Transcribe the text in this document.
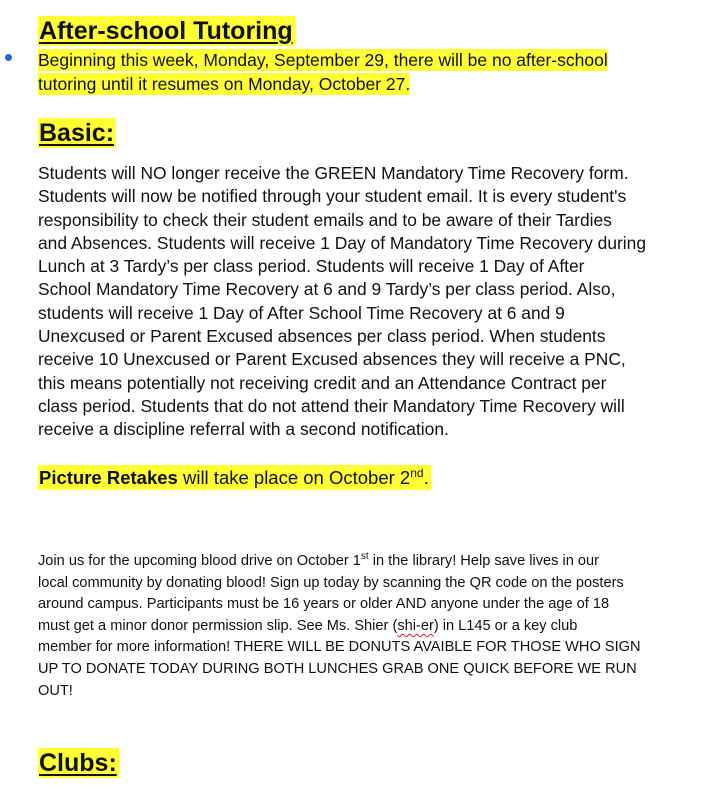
After-school Tutoring
Beginning this week, Monday, September 29, there will be no after-school
tutoring until it resumes on Monday, October 27.
Basic:
Students will NO longer receive the GREEN Mandatory Time Recovery form.
Students will now be notified through your student email. It is every student's
responsibility to check their student emails and to be aware of their Tardies
and Absences. Students will receive 1 Day of Mandatory Time Recovery during
Lunch at 3 Tardy’s per class period. Students will receive 1 Day of After
School Mandatory Time Recovery at 6 and 9 Tardy’s per class period. Also,
students will receive 1 Day of After School Time Recovery at 6 and 9
Unexcused or Parent Excused absences per class period. When students
receive 10 Unexcused or Parent Excused absences they will receive a PNC,
this means potentially not receiving credit and an Attendance Contract per
class period. Students that do not attend their Mandatory Time Recovery will
receive a discipline referral with a second notification.
Picture Retakes will take place on October 2nd.
Join us for the upcoming blood drive on October 1st in the library! Help save lives in our
local community by donating blood! Sign up today by scanning the QR code on the posters
around campus. Participants must be 16 years or older AND anyone under the age of 18
must get a minor donor permission slip. See Ms. Shier (shi-er) in L145 or a key club
member for more information! THERE WILL BE DONUTS AVAIBLE FOR THOSE WHO SIGN
UP TO DONATE TODAY DURING BOTH LUNCHES GRAB ONE QUICK BEFORE WE RUN
OUT!
Clubs:
